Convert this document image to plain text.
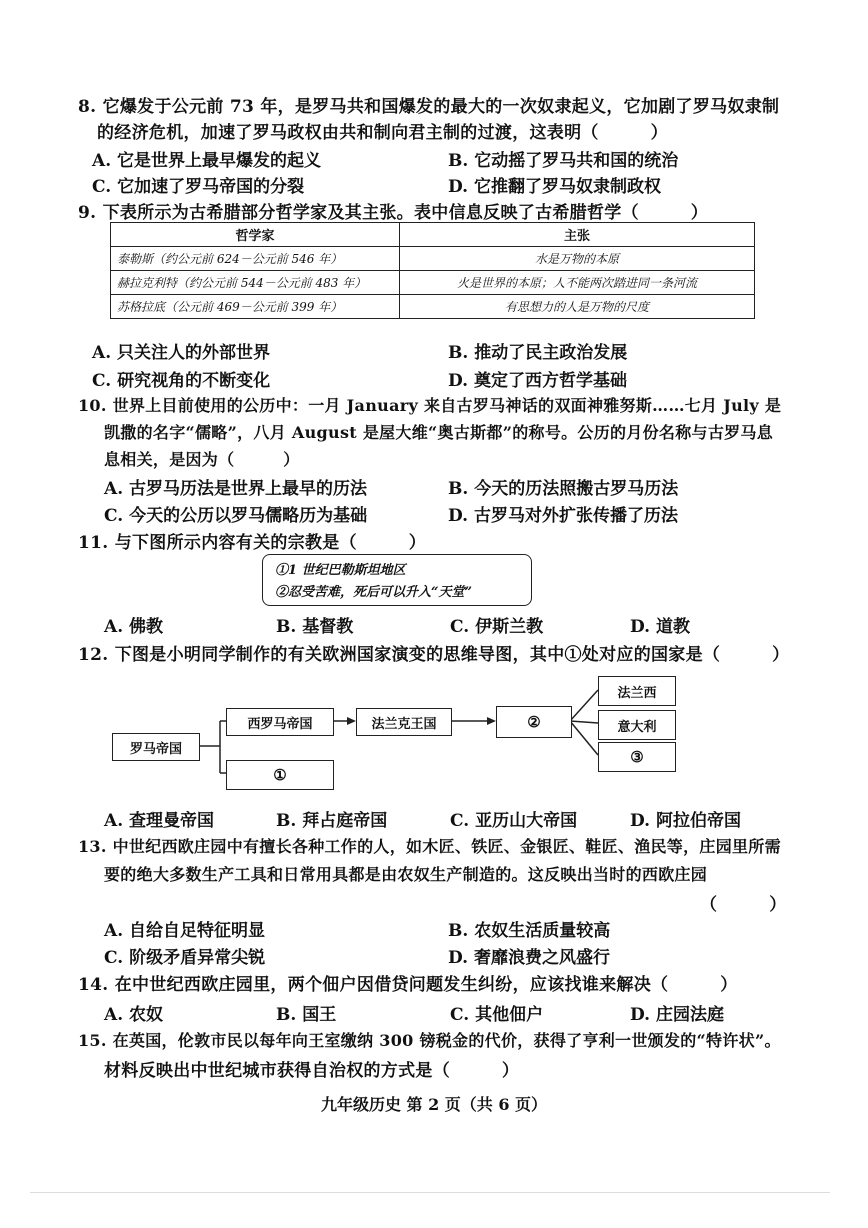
8. 它爆发于公元前 73 年，是罗马共和国爆发的最大的一次奴隶起义，它加剧了罗马奴隶制
的经济危机，加速了罗马政权由共和制向君主制的过渡，这表明（　　　）
A. 它是世界上最早爆发的起义	B. 它动摇了罗马共和国的统治
C. 它加速了罗马帝国的分裂	D. 它推翻了罗马奴隶制政权
9. 下表所示为古希腊部分哲学家及其主张。表中信息反映了古希腊哲学（　　　）
哲学家	主张
泰勒斯（约公元前 624－公元前 546 年）	水是万物的本原
赫拉克利特（约公元前 544－公元前 483 年）	火是世界的本原；人不能两次踏进同一条河流
苏格拉底（公元前 469－公元前 399 年）	有思想力的人是万物的尺度
A. 只关注人的外部世界	B. 推动了民主政治发展
C. 研究视角的不断变化	D. 奠定了西方哲学基础
10. 世界上目前使用的公历中：一月 January 来自古罗马神话的双面神雅努斯……七月 July 是
凯撒的名字“儒略”，八月 August 是屋大维“奥古斯都”的称号。公历的月份名称与古罗马息
息相关，是因为（　　　）
A. 古罗马历法是世界上最早的历法	B. 今天的历法照搬古罗马历法
C. 今天的公历以罗马儒略历为基础	D. 古罗马对外扩张传播了历法
11. 与下图所示内容有关的宗教是（　　　）
①1 世纪巴勒斯坦地区
②忍受苦难，死后可以升入“天堂”
A. 佛教	B. 基督教	C. 伊斯兰教	D. 道教
12. 下图是小明同学制作的有关欧洲国家演变的思维导图，其中①处对应的国家是（　　　）
罗马帝国
西罗马帝国
①
法兰克王国	②
法兰西
意大利
③
A. 查理曼帝国	B. 拜占庭帝国	C. 亚历山大帝国	D. 阿拉伯帝国
13. 中世纪西欧庄园中有擅长各种工作的人，如木匠、铁匠、金银匠、鞋匠、渔民等，庄园里所需
要的绝大多数生产工具和日常用具都是由农奴生产制造的。这反映出当时的西欧庄园
（　　　）
A. 自给自足特征明显	B. 农奴生活质量较高
C. 阶级矛盾异常尖锐	D. 奢靡浪费之风盛行
14. 在中世纪西欧庄园里，两个佃户因借贷问题发生纠纷，应该找谁来解决（　　　）
A. 农奴	B. 国王	C. 其他佃户	D. 庄园法庭
15. 在英国，伦敦市民以每年向王室缴纳 300 镑税金的代价，获得了亨利一世颁发的“特许状”。
材料反映出中世纪城市获得自治权的方式是（　　　）
九年级历史 第 2 页（共 6 页）
